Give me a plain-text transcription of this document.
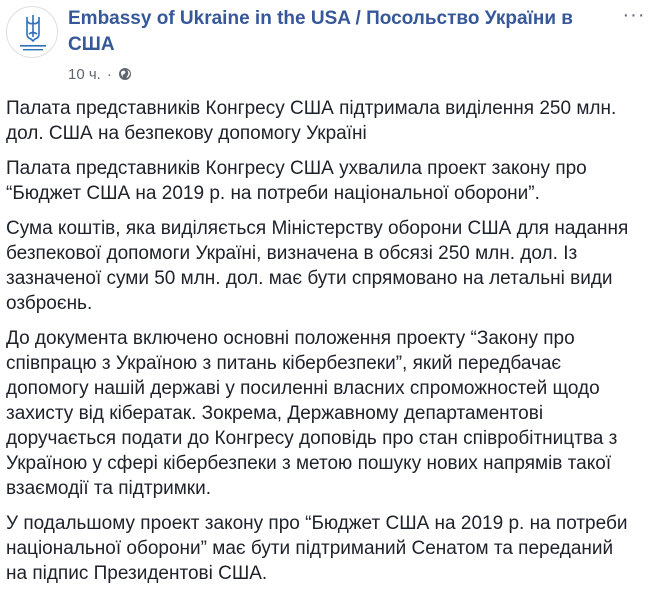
Embassy of Ukraine in the USA / Посольство України в США
10 ч. ·
···

Палата представників Конгресу США підтримала виділення 250 млн. дол. США на безпекову допомогу Україні

Палата представників Конгресу США ухвалила проект закону про “Бюджет США на 2019 р. на потреби національної оборони”.

Сума коштів, яка виділяється Міністерству оборони США для надання безпекової допомоги Україні, визначена в обсязі 250 млн. дол. Із зазначеної суми 50 млн. дол. має бути спрямовано на летальні види озброєнь.

До документа включено основні положення проекту “Закону про співпрацю з Україною з питань кібербезпеки”, який передбачає допомогу нашій державі у посиленні власних спроможностей щодо захисту від кібератак. Зокрема, Державному департаментові доручається подати до Конгресу доповідь про стан співробітництва з Україною у сфері кібербезпеки з метою пошуку нових напрямів такої взаємодії та підтримки.

У подальшому проект закону про “Бюджет США на 2019 р. на потреби національної оборони” має бути підтриманий Сенатом та переданий на підпис Президентові США.
